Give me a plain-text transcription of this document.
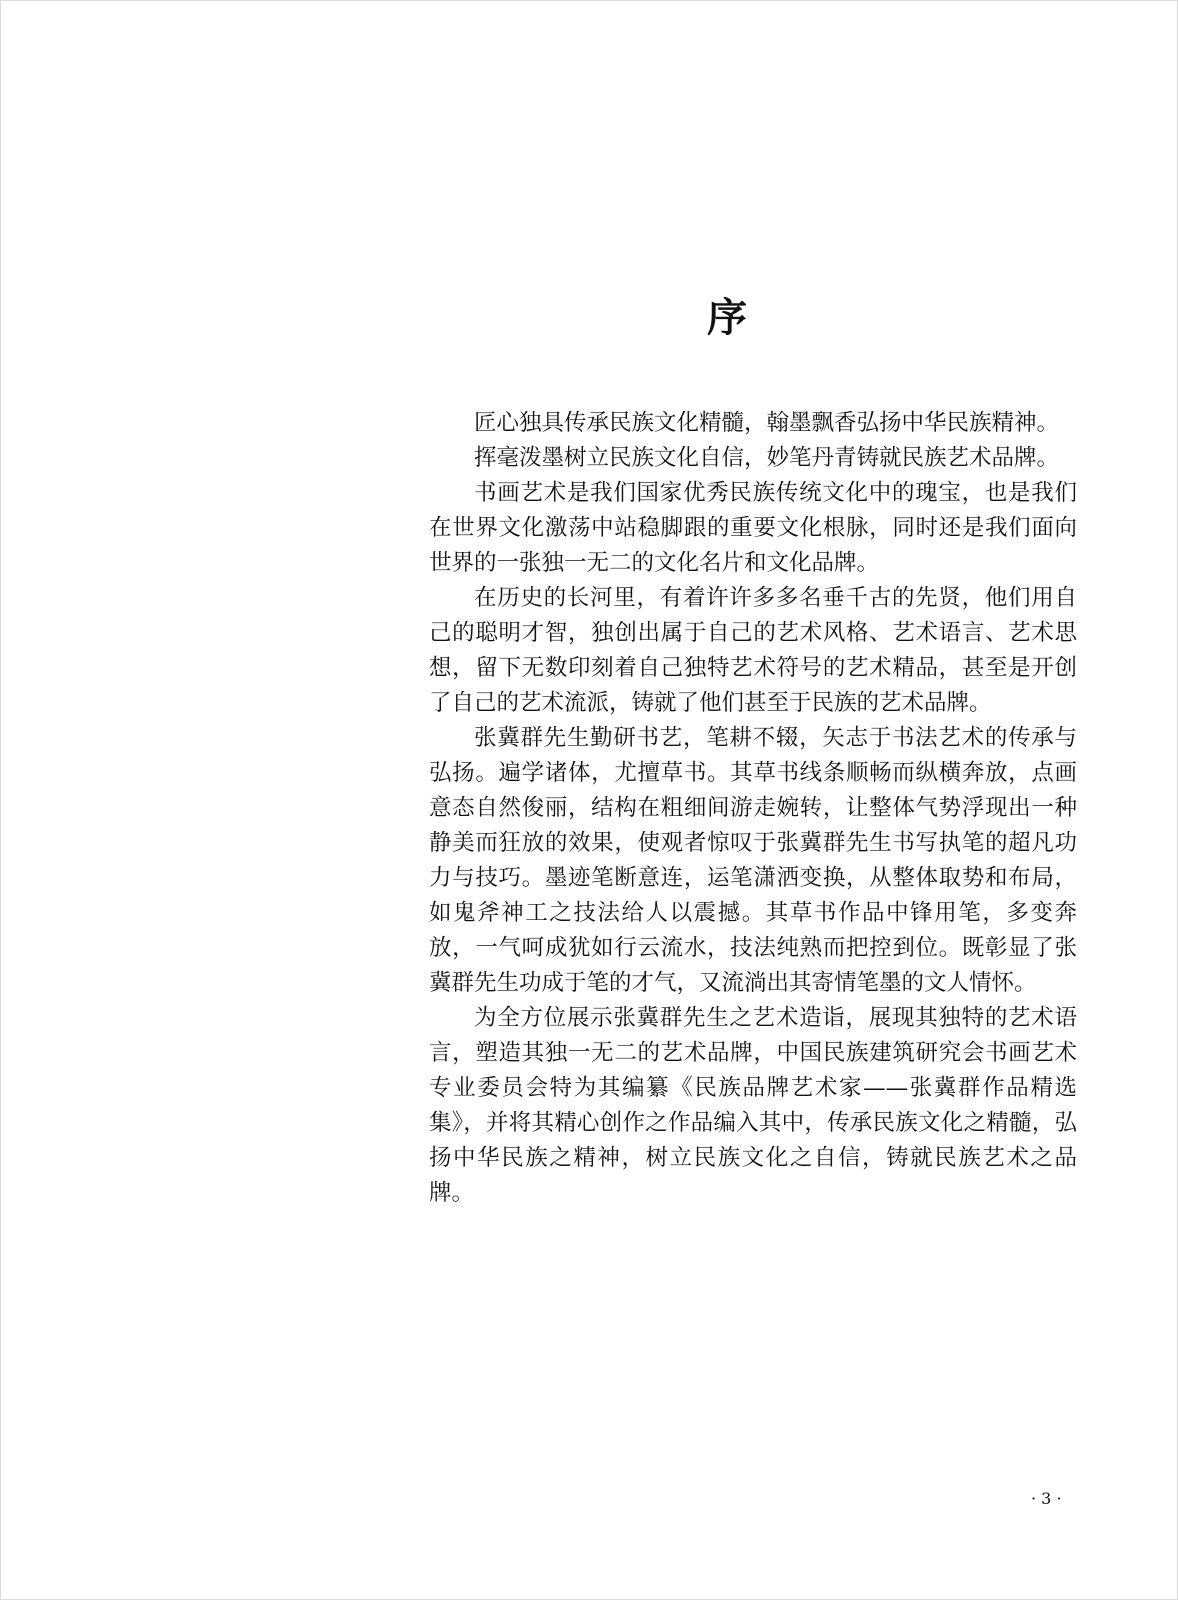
序

匠心独具传承民族文化精髓，翰墨飘香弘扬中华民族精神。

挥毫泼墨树立民族文化自信，妙笔丹青铸就民族艺术品牌。

书画艺术是我们国家优秀民族传统文化中的瑰宝，也是我们在世界文化激荡中站稳脚跟的重要文化根脉，同时还是我们面向世界的一张独一无二的文化名片和文化品牌。

在历史的长河里，有着许许多多名垂千古的先贤，他们用自己的聪明才智，独创出属于自己的艺术风格、艺术语言、艺术思想，留下无数印刻着自己独特艺术符号的艺术精品，甚至是开创了自己的艺术流派，铸就了他们甚至于民族的艺术品牌。

张冀群先生勤研书艺，笔耕不辍，矢志于书法艺术的传承与弘扬。遍学诸体，尤擅草书。其草书线条顺畅而纵横奔放，点画意态自然俊丽，结构在粗细间游走婉转，让整体气势浮现出一种静美而狂放的效果，使观者惊叹于张冀群先生书写执笔的超凡功力与技巧。墨迹笔断意连，运笔潇洒变换，从整体取势和布局，如鬼斧神工之技法给人以震撼。其草书作品中锋用笔，多变奔放，一气呵成犹如行云流水，技法纯熟而把控到位。既彰显了张冀群先生功成于笔的才气，又流淌出其寄情笔墨的文人情怀。

为全方位展示张冀群先生之艺术造诣，展现其独特的艺术语言，塑造其独一无二的艺术品牌，中国民族建筑研究会书画艺术专业委员会特为其编纂《民族品牌艺术家——张冀群作品精选集》，并将其精心创作之作品编入其中，传承民族文化之精髓，弘扬中华民族之精神，树立民族文化之自信，铸就民族艺术之品牌。

· 3 ·
